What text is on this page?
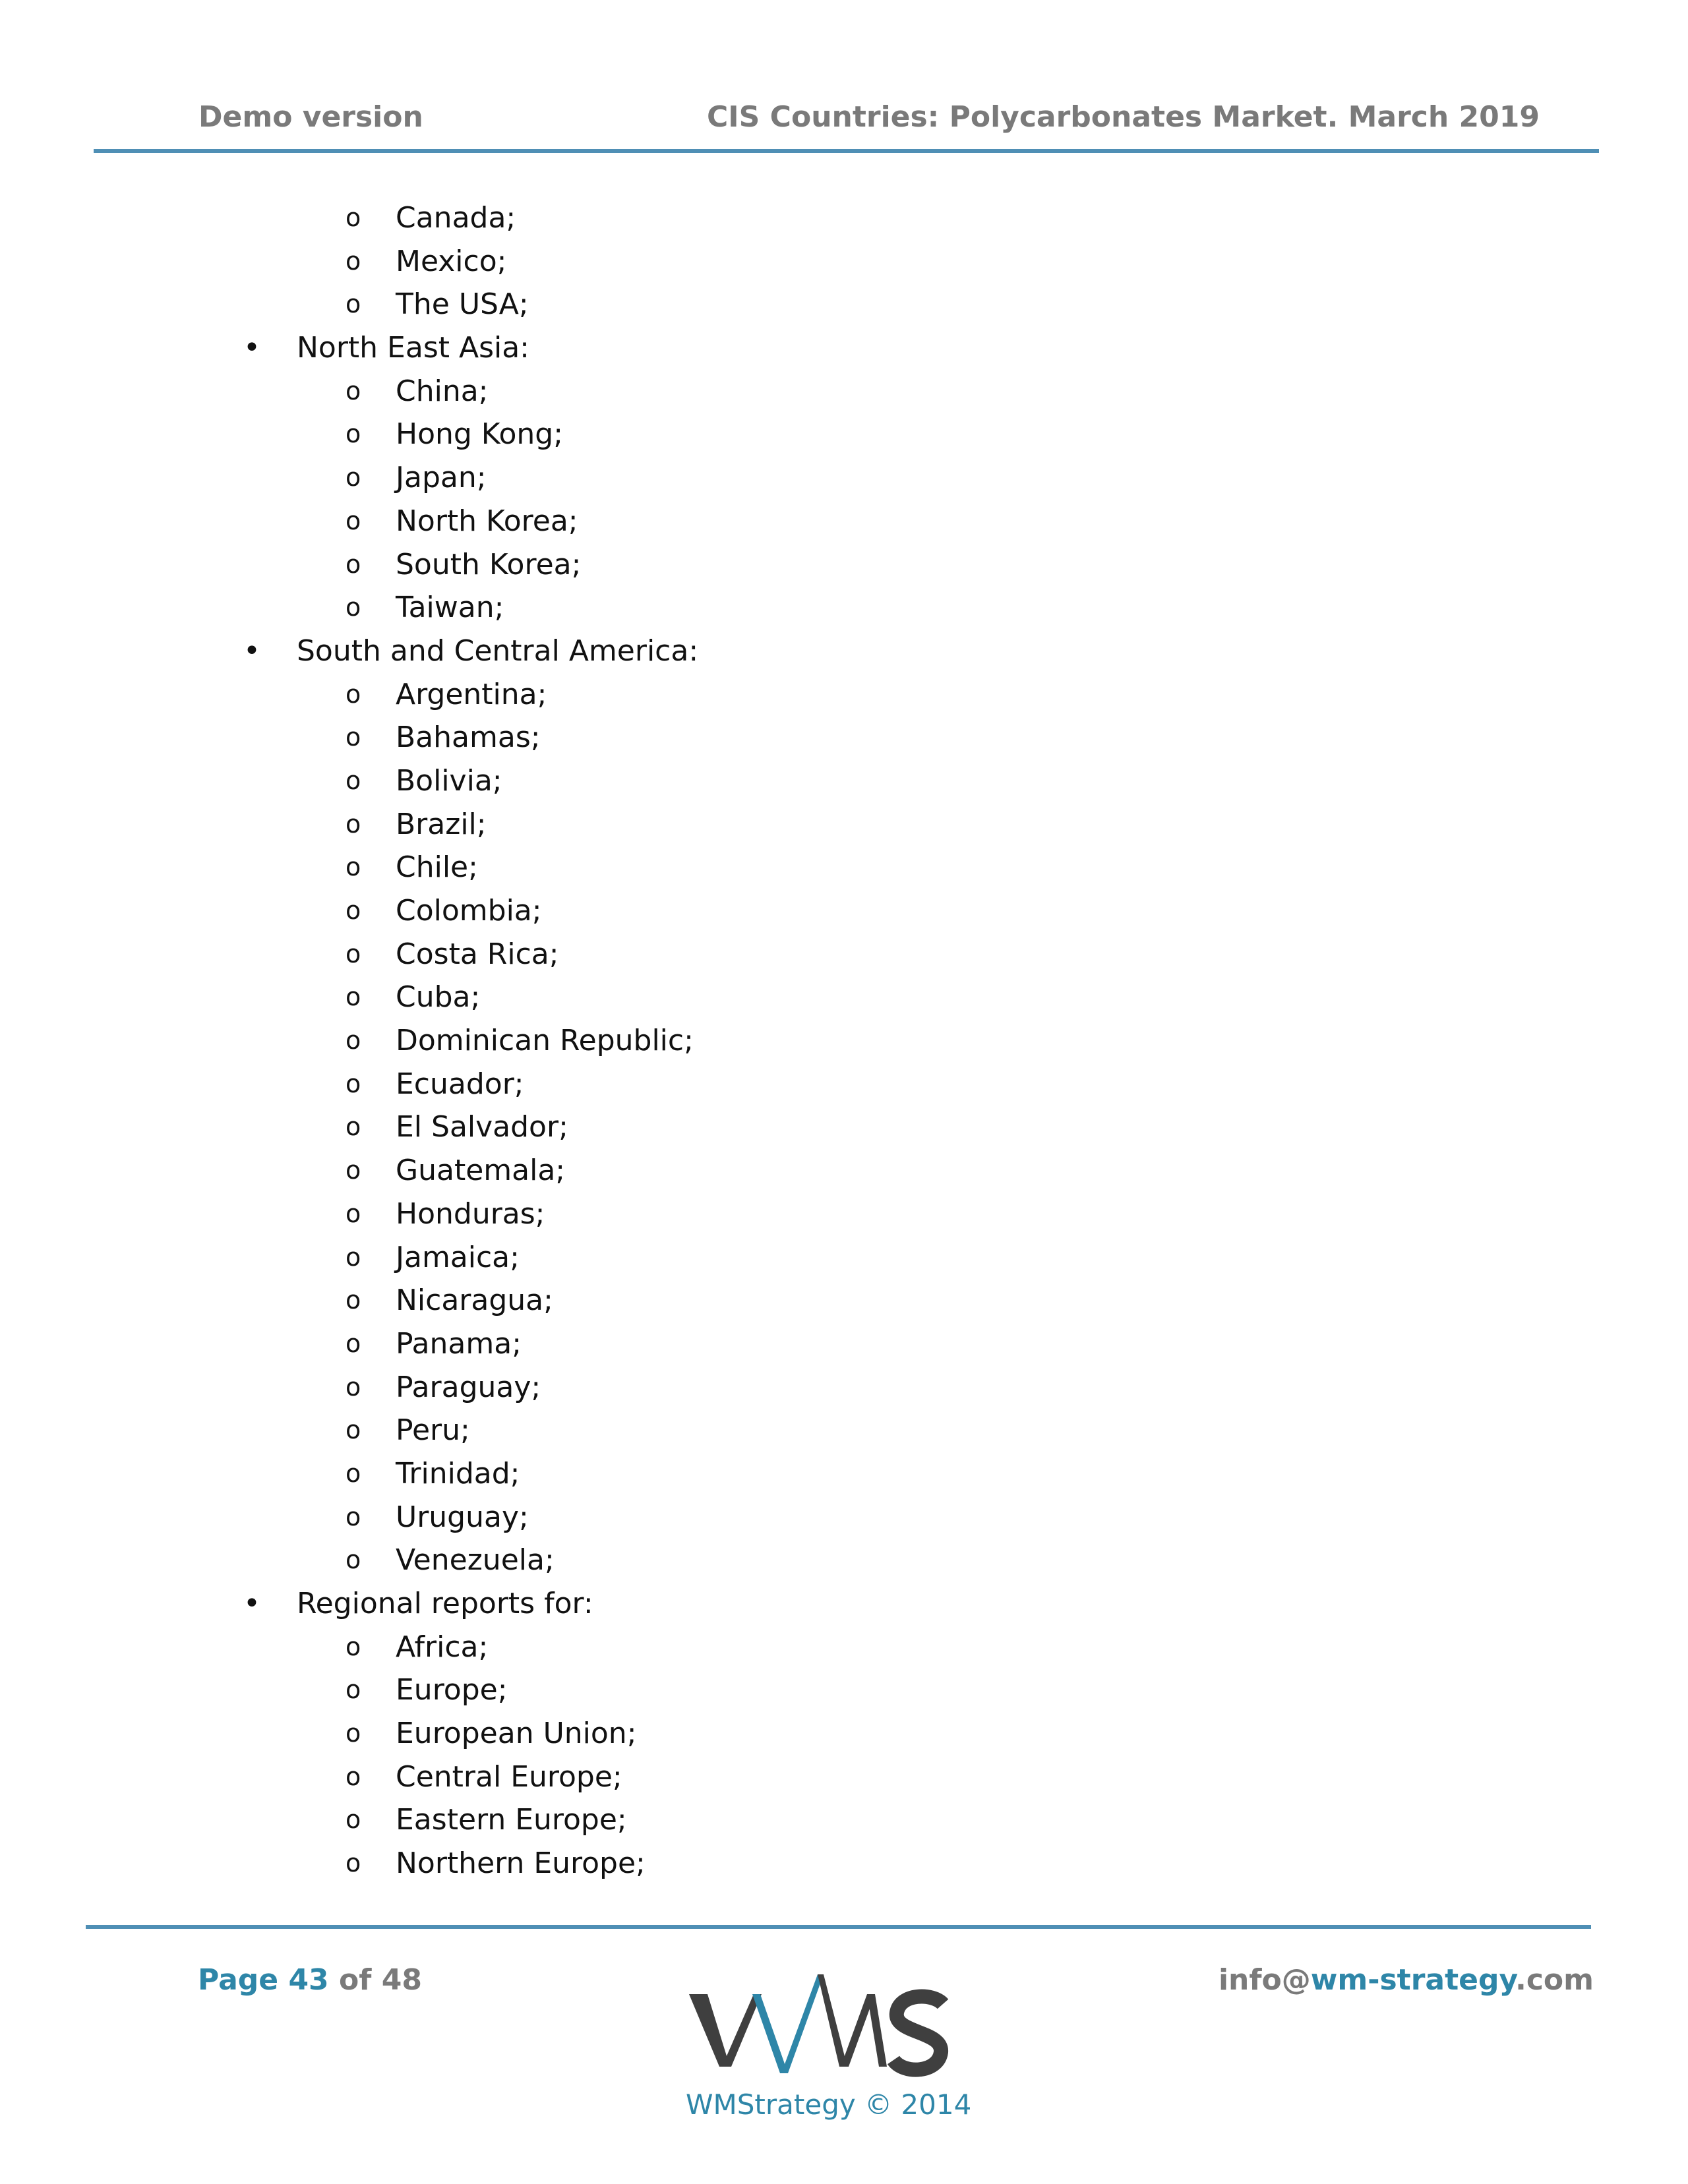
Demo version	CIS Countries: Polycarbonates Market. March 2019
o Canada;
o Mexico;
o The USA;
• North East Asia:
o China;
o Hong Kong;
o Japan;
o North Korea;
o South Korea;
o Taiwan;
• South and Central America:
o Argentina;
o Bahamas;
o Bolivia;
o Brazil;
o Chile;
o Colombia;
o Costa Rica;
o Cuba;
o Dominican Republic;
o Ecuador;
o El Salvador;
o Guatemala;
o Honduras;
o Jamaica;
o Nicaragua;
o Panama;
o Paraguay;
o Peru;
o Trinidad;
o Uruguay;
o Venezuela;
• Regional reports for:
o Africa;
o Europe;
o European Union;
o Central Europe;
o Eastern Europe;
o Northern Europe;
Page 43 of 48
WMStrategy © 2014
info@wm-strategy.com
